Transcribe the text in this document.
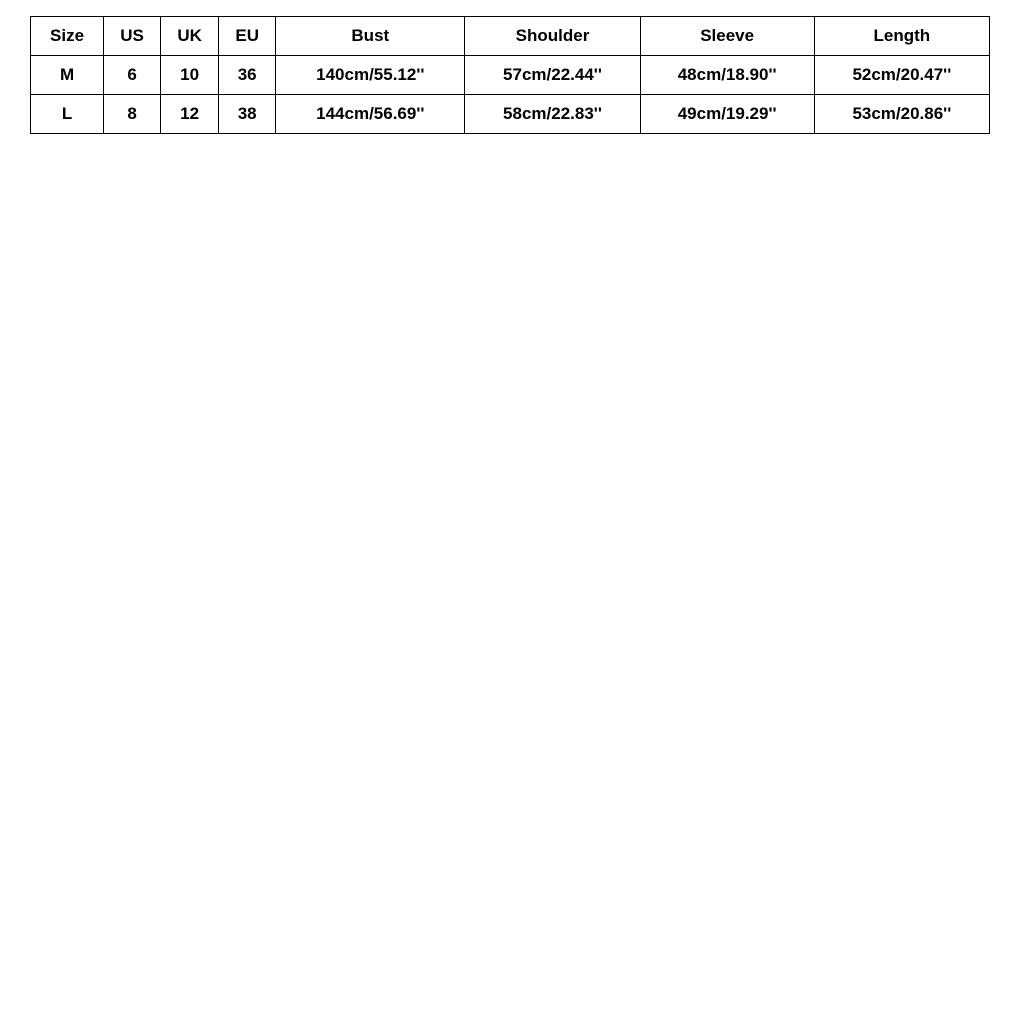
Size	US	UK	EU	Bust	Shoulder	Sleeve	Length
M	6	10	36	140cm/55.12''	57cm/22.44''	48cm/18.90''	52cm/20.47''
L	8	12	38	144cm/56.69''	58cm/22.83''	49cm/19.29''	53cm/20.86''
